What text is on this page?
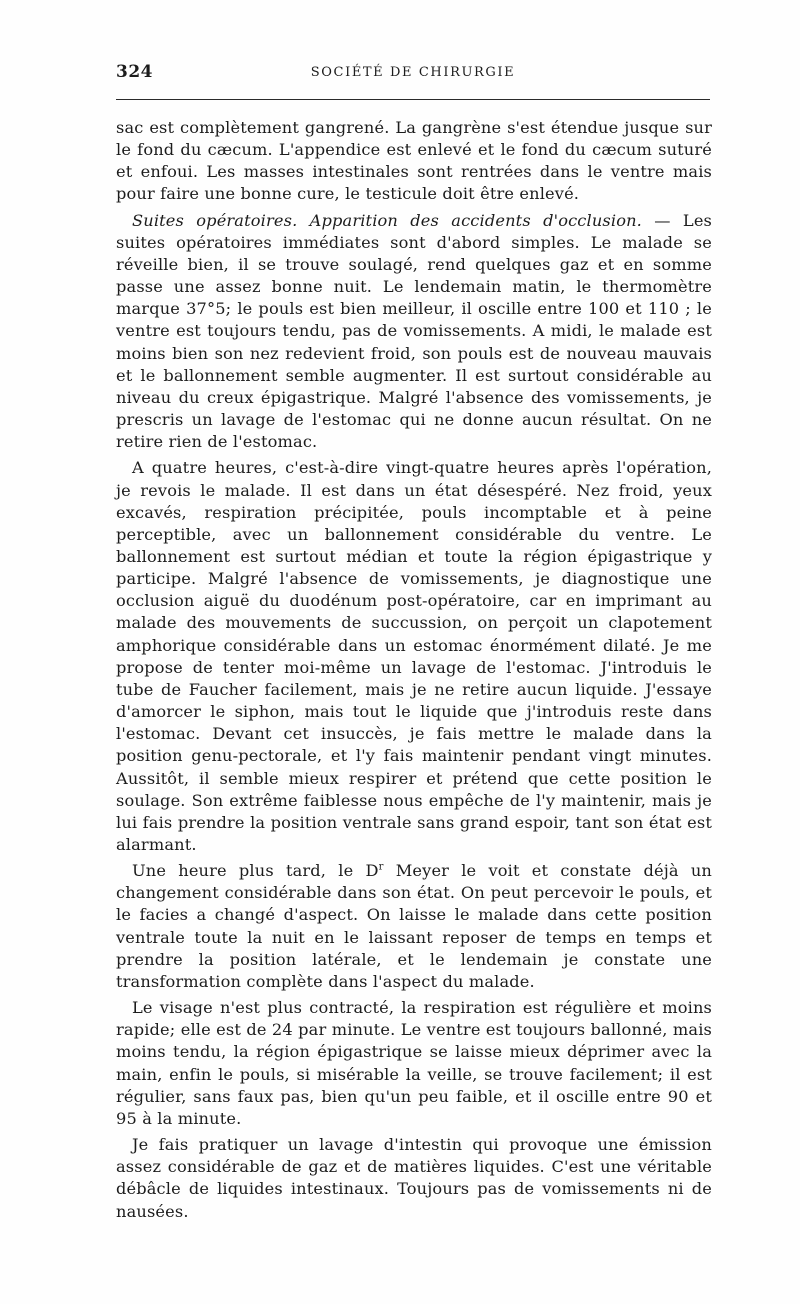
324	SOCIÉTÉ DE CHIRURGIE

sac est complètement gangrené. La gangrène s'est étendue jusque sur le fond du cæcum. L'appendice est enlevé et le fond du cæcum suturé et enfoui. Les masses intestinales sont rentrées dans le ventre mais pour faire une bonne cure, le testicule doit être enlevé.

Suites opératoires. Apparition des accidents d'occlusion. — Les suites opératoires immédiates sont d'abord simples. Le malade se réveille bien, il se trouve soulagé, rend quelques gaz et en somme passe une assez bonne nuit. Le lendemain matin, le thermomètre marque 37°5; le pouls est bien meilleur, il oscille entre 100 et 110 ; le ventre est toujours tendu, pas de vomissements. A midi, le malade est moins bien son nez redevient froid, son pouls est de nouveau mauvais et le ballonnement semble augmenter. Il est surtout considérable au niveau du creux épigastrique. Malgré l'absence des vomissements, je prescris un lavage de l'estomac qui ne donne aucun résultat. On ne retire rien de l'estomac.

A quatre heures, c'est-à-dire vingt-quatre heures après l'opération, je revois le malade. Il est dans un état désespéré. Nez froid, yeux excavés, respiration précipitée, pouls incomptable et à peine perceptible, avec un ballonnement considérable du ventre. Le ballonnement est surtout médian et toute la région épigastrique y participe. Malgré l'absence de vomissements, je diagnostique une occlusion aiguë du duodénum post-opératoire, car en imprimant au malade des mouvements de succussion, on perçoit un clapotement amphorique considérable dans un estomac énormément dilaté. Je me propose de tenter moi-même un lavage de l'estomac. J'introduis le tube de Faucher facilement, mais je ne retire aucun liquide. J'essaye d'amorcer le siphon, mais tout le liquide que j'introduis reste dans l'estomac. Devant cet insuccès, je fais mettre le malade dans la position genu-pectorale, et l'y fais maintenir pendant vingt minutes. Aussitôt, il semble mieux respirer et prétend que cette position le soulage. Son extrême faiblesse nous empêche de l'y maintenir, mais je lui fais prendre la position ventrale sans grand espoir, tant son état est alarmant.

Une heure plus tard, le $D^r$ Meyer le voit et constate déjà un changement considérable dans son état. On peut percevoir le pouls, et le facies a changé d'aspect. On laisse le malade dans cette position ventrale toute la nuit en le laissant reposer de temps en temps et prendre la position latérale, et le lendemain je constate une transformation complète dans l'aspect du malade.

Le visage n'est plus contracté, la respiration est régulière et moins rapide; elle est de 24 par minute. Le ventre est toujours ballonné, mais moins tendu, la région épigastrique se laisse mieux déprimer avec la main, enfin le pouls, si misérable la veille, se trouve facilement; il est régulier, sans faux pas, bien qu'un peu faible, et il oscille entre 90 et 95 à la minute.

Je fais pratiquer un lavage d'intestin qui provoque une émission assez considérable de gaz et de matières liquides. C'est une véritable débâcle de liquides intestinaux. Toujours pas de vomissements ni de nausées.
